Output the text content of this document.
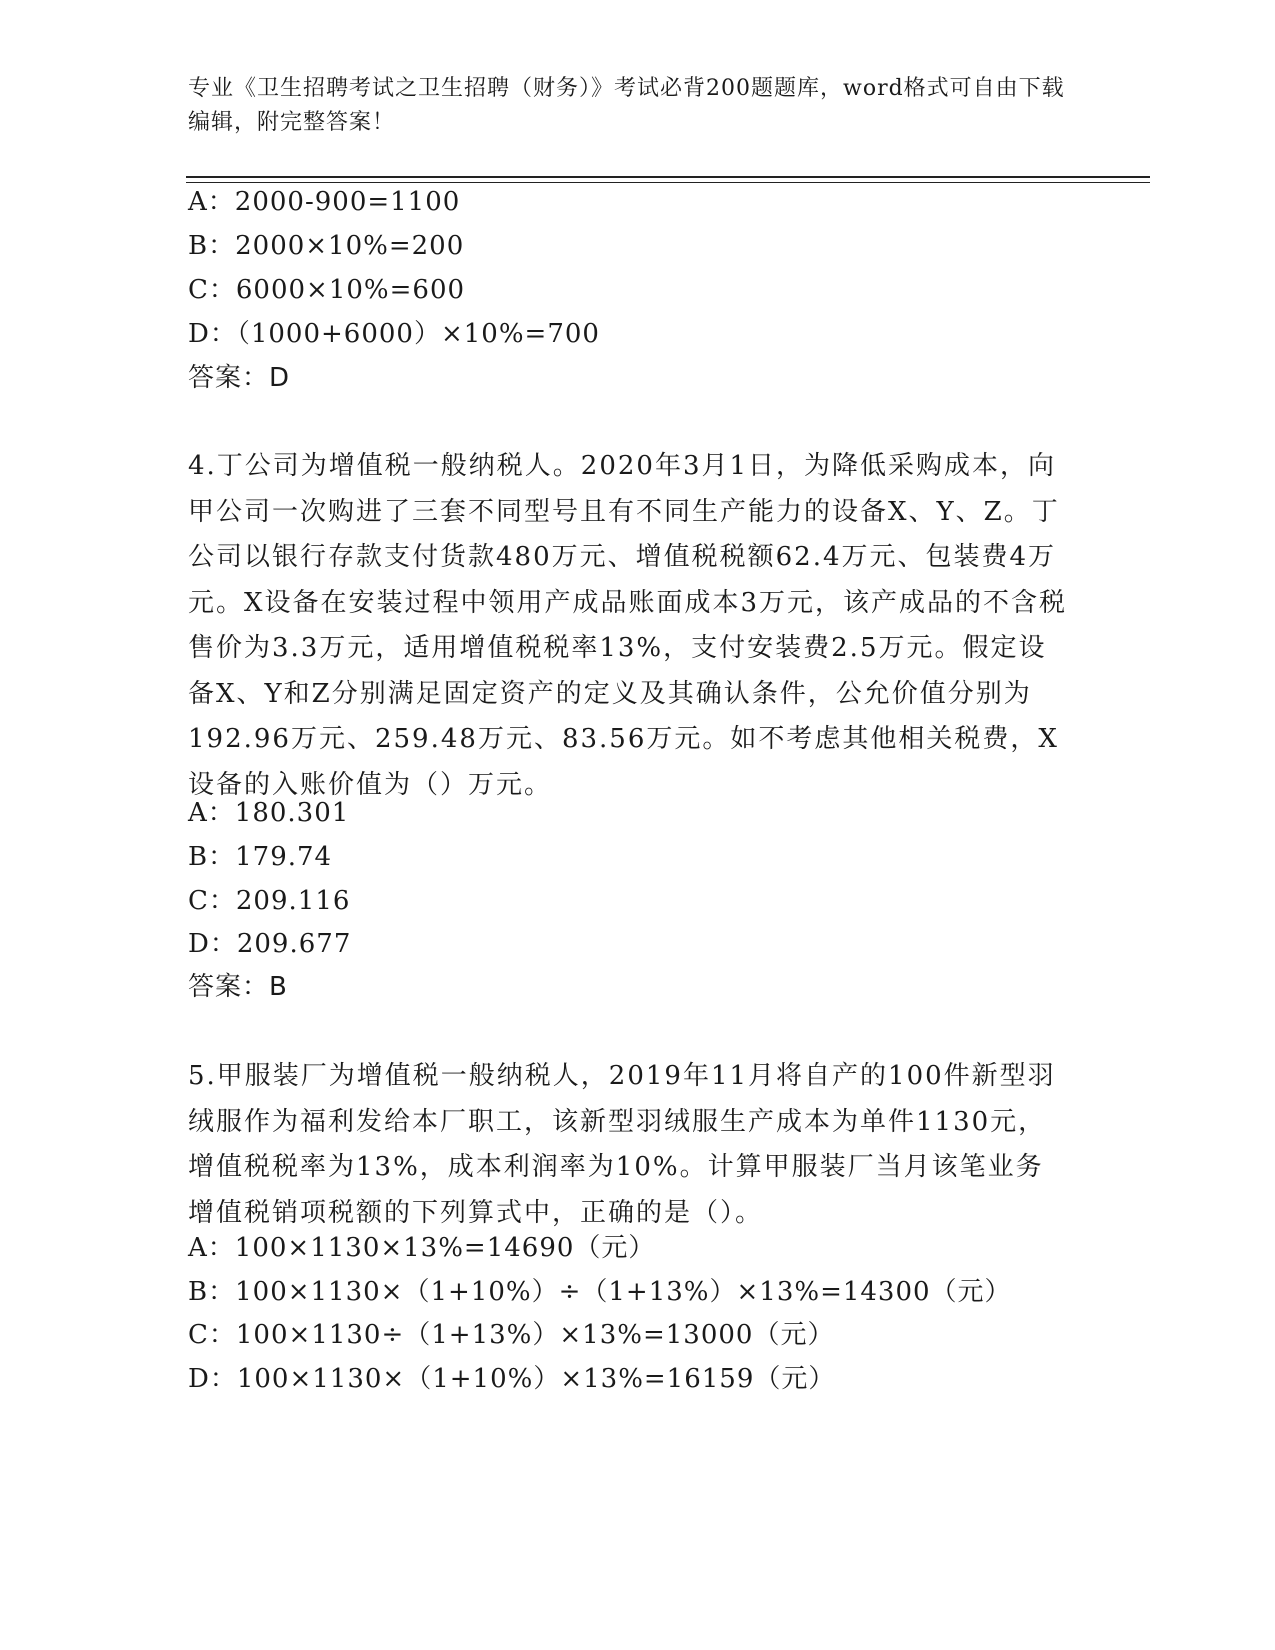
专业《卫生招聘考试之卫生招聘（财务）》考试必背200题题库，word格式可自由下载编辑，附完整答案！
A：2000-900=1100
B：2000×10%=200
C：6000×10%=600
D：（1000+6000）×10%=700
答案：D
4.丁公司为增值税一般纳税人。2020年3月1日，为降低采购成本，向甲公司一次购进了三套不同型号且有不同生产能力的设备X、Y、Z。丁公司以银行存款支付货款480万元、增值税税额62.4万元、包装费4万元。X设备在安装过程中领用产成品账面成本3万元，该产成品的不含税售价为3.3万元，适用增值税税率13%，支付安装费2.5万元。假定设备X、Y和Z分别满足固定资产的定义及其确认条件，公允价值分别为192.96万元、259.48万元、83.56万元。如不考虑其他相关税费，X设备的入账价值为（）万元。
A：180.301
B：179.74
C：209.116
D：209.677
答案：B
5.甲服装厂为增值税一般纳税人，2019年11月将自产的100件新型羽绒服作为福利发给本厂职工，该新型羽绒服生产成本为单件1130元，增值税税率为13%，成本利润率为10%。计算甲服装厂当月该笔业务增值税销项税额的下列算式中，正确的是（）。
A：100×1130×13%=14690（元）
B：100×1130×（1+10%）÷（1+13%）×13%=14300（元）
C：100×1130÷（1+13%）×13%=13000（元）
D：100×1130×（1+10%）×13%=16159（元）
